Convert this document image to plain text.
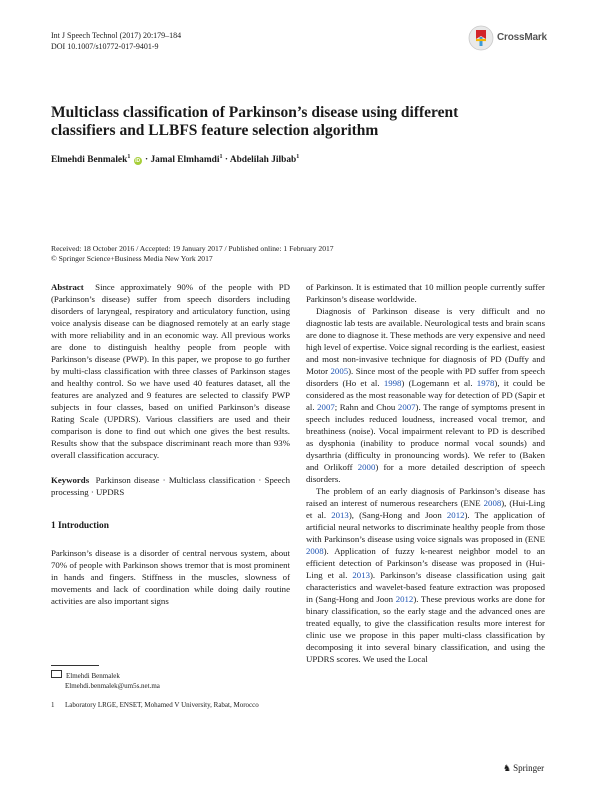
Int J Speech Technol (2017) 20:179–184
DOI 10.1007/s10772-017-9401-9
CrossMark
Multiclass classification of Parkinson’s disease using different classifiers and LLBFS feature selection algorithm
Elmehdi Benmalek$^1$ iD · Jamal Elmhamdi$^1$ · Abdelilah Jilbab$^1$
Received: 18 October 2016 / Accepted: 19 January 2017 / Published online: 1 February 2017
© Springer Science+Business Media New York 2017

Abstract Since approximately 90% of the people with PD (Parkinson’s disease) suffer from speech disorders including disorders of laryngeal, respiratory and articulatory function, using voice analysis disease can be diagnosed remotely at an early stage with more reliability and in an economic way. All previous works are done to distinguish healthy people from people with Parkinson’s disease (PWP). In this paper, we propose to go further by multi-class classification with three classes of Parkinson stages and healthy control. So we have used 40 features dataset, all the features are analyzed and 9 features are selected to classify PWP subjects in four classes, based on unified Parkinson’s disease Rating Scale (UPDRS). Various classifiers are used and their comparison is done to find out which one gives the best results. Results show that the subspace discriminant reach more than 93% overall classification accuracy.

Keywords Parkinson disease · Multiclass classification · Speech processing · UPDRS

1 Introduction

Parkinson’s disease is a disorder of central nervous system, about 70% of people with Parkinson shows tremor that is most prominent in hands and fingers. Stiffness in the muscles, slowness of movements and lack of coordination while doing daily routine activities are also important signs

of Parkinson. It is estimated that 10 million people currently suffer Parkinson’s disease worldwide.

Diagnosis of Parkinson disease is very difficult and no diagnostic lab tests are available. Neurological tests and brain scans are done to diagnose it. These methods are very expensive and need high level of expertise. Voice signal recording is the earliest, easiest and most non-invasive technique for diagnosis of PD (Duffy and Motor 2005). Since most of the people with PD suffer from speech disorders (Ho et al. 1998) (Logemann et al. 1978), it could be considered as the most reasonable way for detection of PD (Sapir et al. 2007; Rahn and Chou 2007). The range of symptoms present in speech includes reduced loudness, increased vocal tremor, and breathiness (noise). Vocal impairment relevant to PD is described as dysphonia (inability to produce normal vocal sounds) and dysarthria (difficulty in pronouncing words). We refer to (Baken and Orlikoff 2000) for a more detailed description of speech disorders.

The problem of an early diagnosis of Parkinson’s disease has raised an interest of numerous researchers (ENE 2008), (Hui-Ling et al. 2013), (Sang-Hong and Joon 2012). The application of artificial neural networks to discriminate healthy people from those with Parkinson’s disease using voice signals was proposed in (ENE 2008). Application of fuzzy k-nearest neighbor model to an efficient detection of Parkinson’s disease was proposed in (Hui-Ling et al. 2013). Parkinson’s disease classification using gait characteristics and wavelet-based feature extraction was proposed in (Sang-Hong and Joon 2012). These previous works are done for binary classification, so the early stage and the advanced ones are treated equally, to give the classification results more interest for clinic use we propose in this paper multi-class classification by decomposing it into several binary classification, and using the UPDRS scores. We used the Local

Elmehdi Benmalek
Elmehdi.benmalek@um5s.net.ma
1	Laboratory LRGE, ENSET, Mohamed V University, Rabat, Morocco
♞ Springer
